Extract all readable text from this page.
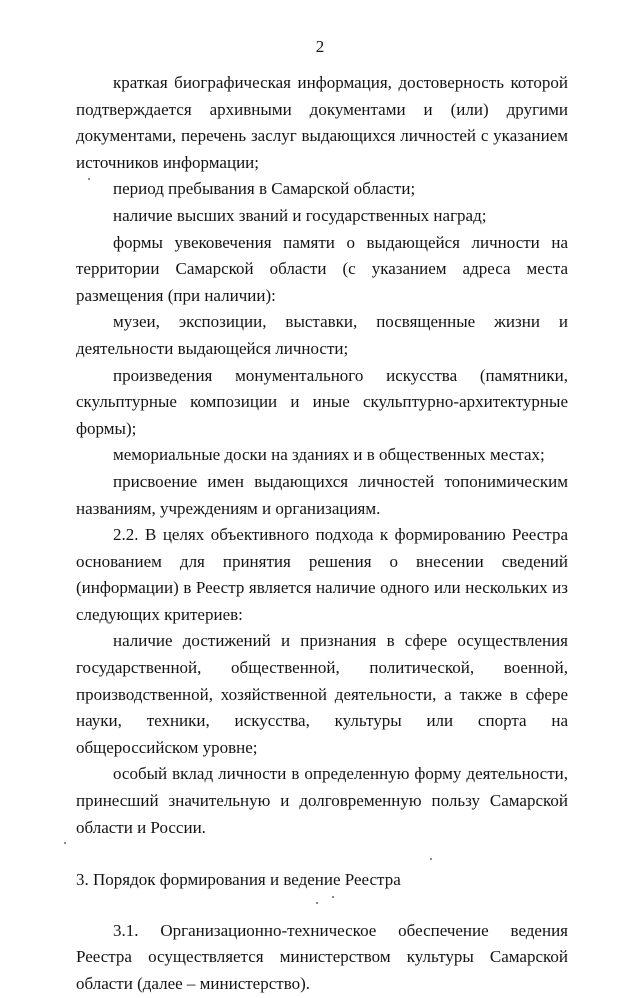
2

краткая биографическая информация, достоверность которой подтверждается архивными документами и (или) другими документами, перечень заслуг выдающихся личностей с указанием источников информации;

период пребывания в Самарской области;

наличие высших званий и государственных наград;

формы увековечения памяти о выдающейся личности на территории Самарской области (с указанием адреса места размещения (при наличии):

музеи, экспозиции, выставки, посвященные жизни и деятельности выдающейся личности;

произведения монументального искусства (памятники, скульптурные композиции и иные скульптурно-архитектурные формы);

мемориальные доски на зданиях и в общественных местах;

присвоение имен выдающихся личностей топонимическим названиям, учреждениям и организациям.

2.2. В целях объективного подхода к формированию Реестра основанием для принятия решения о внесении сведений (информации) в Реестр является наличие одного или нескольких из следующих критериев:

наличие достижений и признания в сфере осуществления государственной, общественной, политической, военной, производственной, хозяйственной деятельности, а также в сфере науки, техники, искусства, культуры или спорта на общероссийском уровне;

особый вклад личности в определенную форму деятельности, принесший значительную и долговременную пользу Самарской области и России.

3. Порядок формирования и ведение Реестра

3.1. Организационно-техническое обеспечение ведения Реестра осуществляется министерством культуры Самарской области (далее – министерство).
